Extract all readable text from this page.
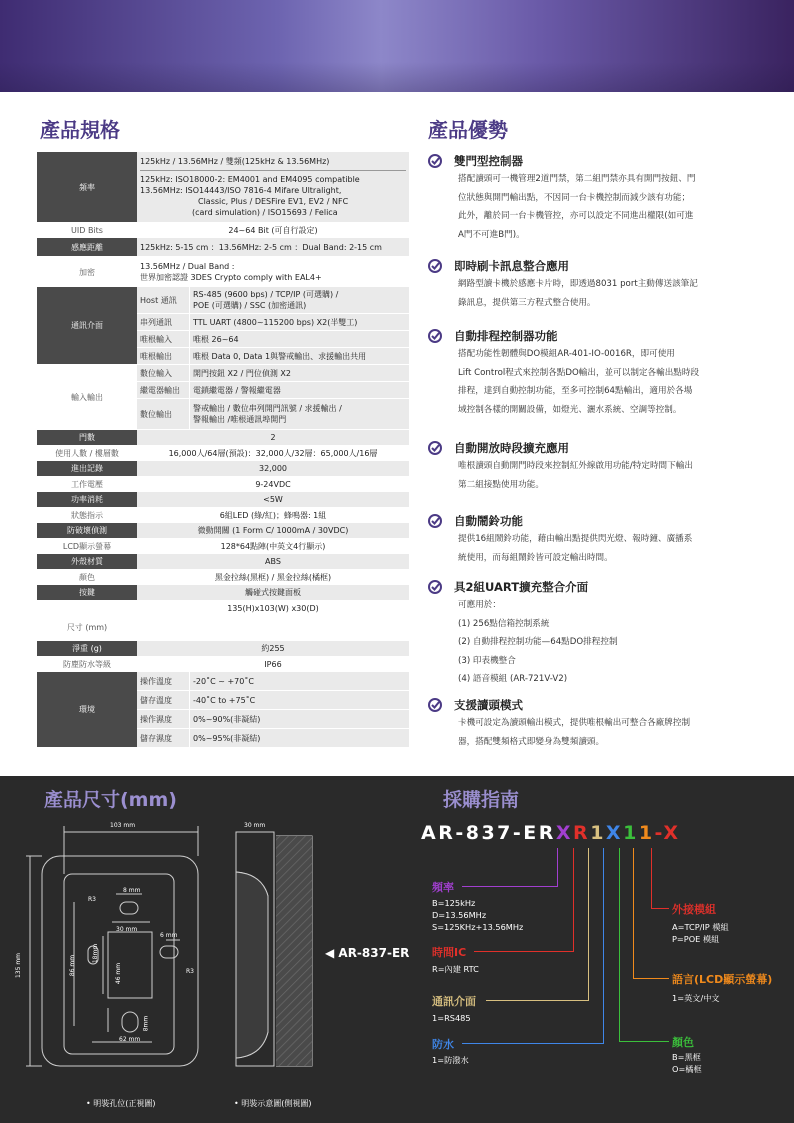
產品規格	產品優勢
頻率	125kHz / 13.56MHz / 雙頻(125kHz & 13.56MHz)
125kHz: ISO18000-2: EM4001 and EM4095 compatible
13.56MHz: ISO14443/ISO 7816-4 Mifare Ultralight,
Classic, Plus / DESFire EV1, EV2 / NFC
(card simulation) / ISO15693 / Felica	

UID Bits	24~64 Bit (可自行設定)	
感應距離	125kHz: 5-15 cm ：13.56MHz: 2-5 cm ：Dual Band: 2-15 cm	
加密	13.56MHz / Dual Band :
世界加密認證 3DES Crypto comply with EAL4+	

通訊介面	Host 通訊	RS-485 (9600 bps) / TCP/IP (可選購) /
POE (可選購) / SSC (加密通訊)

	串列通訊	TTL UART (4800~115200 bps) X2(半雙工)
	唯根輸入	唯根 26~64
	唯根輸出	唯根 Data 0, Data 1與警戒輸出、求援輸出共用
輸入輸出	數位輸入	開門按鈕 X2 / 門位偵測 X2
	繼電器輸出	電鎖繼電器 / 警報繼電器
	數位輸出	警戒輸出 / 數位串列開門訊號 / 求援輸出 /
警報輸出 /唯根通訊埠開門

門數	2	
使用人數 / 樓層數	16,000人/64層(預設)：32,000人/32層：65,000人/16層	
進出記錄	32,000	
工作電壓	9-24VDC	
功率消耗	<5W	
狀態指示	6組LED (綠/紅)；蜂鳴器: 1組	
防破壞偵測	微動開關 (1 Form C/ 1000mA / 30VDC)	
LCD顯示螢幕	128*64點陣(中英文4行顯示)	
外殼材質	ABS	
顏色	黑金拉絲(黑框) / 黑金拉絲(橘框)	
按鍵	觸碰式按鍵面板	
尺寸 (mm)	135(H)x103(W) x30(D)	
淨重 (g)	約255	
防塵防水等級	IP66	
環境	操作溫度	-20˚C ~ +70˚C
	儲存溫度	-40˚C to +75˚C
	操作濕度	0%~90%(非凝結)
	儲存濕度	0%~95%(非凝結)
雙門型控制器
搭配讀頭可一機管理2道門禁，第二組門禁亦具有開門按鈕、門
位狀態與開門輸出點，不因同一台卡機控制而減少該有功能；
此外，離於同一台卡機管控，亦可以設定不同進出權限(如可進
A門不可進B門)。
即時刷卡訊息整合應用
網路型讀卡機於感應卡片時，即透過8031 port主動傳送該筆記
錄訊息，提供第三方程式整合使用。
自動排程控制器功能
搭配功能性韌體與DO模組AR-401-IO-0016R，即可使用
Lift Control程式來控制各點DO輸出，並可以制定各輸出點時段
排程，達到自動控制功能，至多可控制64點輸出，適用於各場
域控制各樣的開關設備，如燈光、灑水系統、空調等控制。
自動開放時段擴充應用
唯根讀頭自動開門時段來控制紅外線啟用功能/特定時間下輸出
第二組接點使用功能。
自動鬧鈴功能
提供16組鬧鈴功能，藉由輸出點提供閃光燈、報時鐘、廣播系
統使用，而每組鬧鈴皆可設定輸出時間。
具2組UART擴充整合介面
可應用於：
(1) 256點信箱控制系統
(2) 自動排程控制功能—64點DO排程控制
(3) 印表機整合
(4) 語音模組 (AR-721V-V2)
支援讀頭模式
卡機可設定為讀頭輸出模式，提供唯根輸出可整合各廠牌控制
器，搭配雙頻格式即變身為雙頻讀頭。
產品尺寸(mm)	採購指南
103 mm	30 mm
135 mm	86 mm
62 mm
8 mm
30 mm
6 mm
18mm
46 mm
8mm
R3
R3
◀ AR-837-ER
• 明裝孔位(正視圖)	• 明裝示意圖(側視圖)
AR-837-ERXR1X11-X
頻率
B=125kHz
D=13.56MHz
S=125KHz+13.56MHz
時間IC
R=內建 RTC
通訊介面
1=RS485
防水
1=防潑水
外接模組
A=TCP/IP 模組
P=POE 模組
語言(LCD顯示螢幕)
1=英文/中文
顏色
B=黑框
O=橘框
